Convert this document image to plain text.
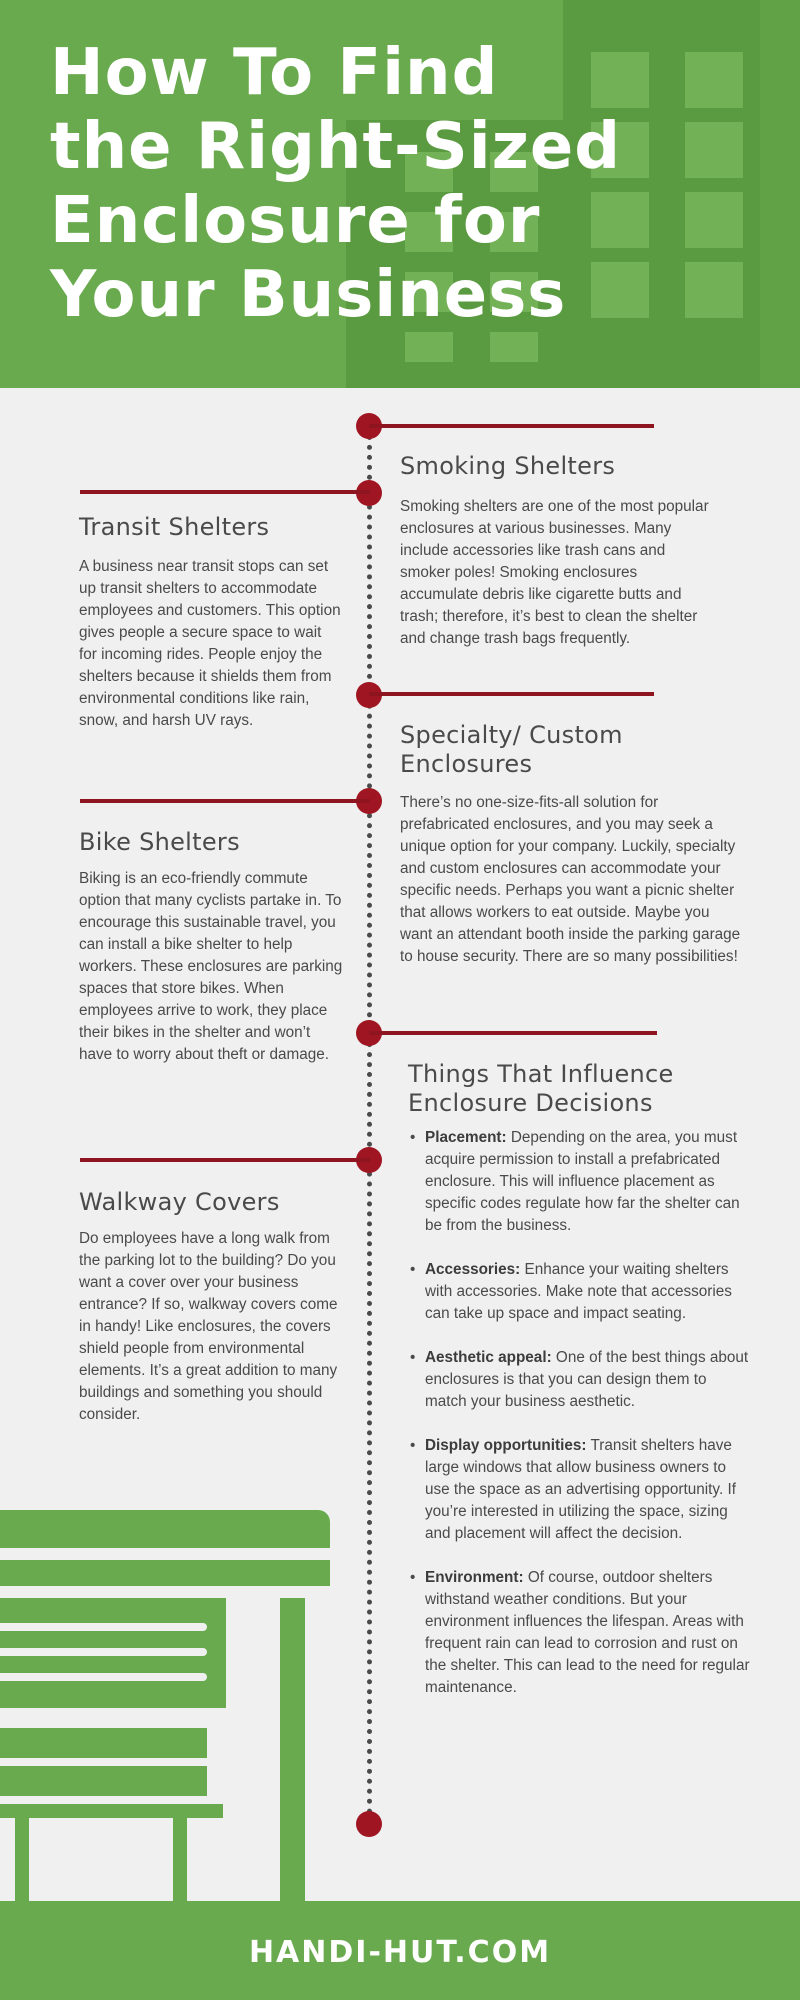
How To Find
the Right-Sized
Enclosure for
Your Business
Smoking Shelters

Smoking shelters are one of the most popular enclosures at various businesses. Many include accessories like trash cans and smoker poles! Smoking enclosures accumulate debris like cigarette butts and trash; therefore, it’s best to clean the shelter and change trash bags frequently.

Transit Shelters

A business near transit stops can set up transit shelters to accommodate employees and customers. This option gives people a secure space to wait for incoming rides. People enjoy the shelters because it shields them from environmental conditions like rain, snow, and harsh UV rays.

Specialty/ Custom Enclosures

There’s no one-size-fits-all solution for prefabricated enclosures, and you may seek a unique option for your company. Luckily, specialty and custom enclosures can accommodate your specific needs. Perhaps you want a picnic shelter that allows workers to eat outside. Maybe you want an attendant booth inside the parking garage to house security. There are so many possibilities!

Bike Shelters

Biking is an eco-friendly commute option that many cyclists partake in. To encourage this sustainable travel, you can install a bike shelter to help workers. These enclosures are parking spaces that store bikes. When employees arrive to work, they place their bikes in the shelter and won’t have to worry about theft or damage.

Things That Influence Enclosure Decisions
• Placement: Depending on the area, you must acquire permission to install a prefabricated enclosure. This will influence placement as specific codes regulate how far the shelter can be from the business.
• Accessories: Enhance your waiting shelters with accessories. Make note that accessories can take up space and impact seating.
• Aesthetic appeal: One of the best things about enclosures is that you can design them to match your business aesthetic.
• Display opportunities: Transit shelters have large windows that allow business owners to use the space as an advertising opportunity. If you’re interested in utilizing the space, sizing and placement will affect the decision.
• Environment: Of course, outdoor shelters withstand weather conditions. But your environment influences the lifespan. Areas with frequent rain can lead to corrosion and rust on the shelter. This can lead to the need for regular maintenance.
Walkway Covers

Do employees have a long walk from the parking lot to the building? Do you want a cover over your business entrance? If so, walkway covers come in handy! Like enclosures, the covers shield people from environmental elements. It’s a great addition to many buildings and something you should consider.

HANDI-HUT.COM
